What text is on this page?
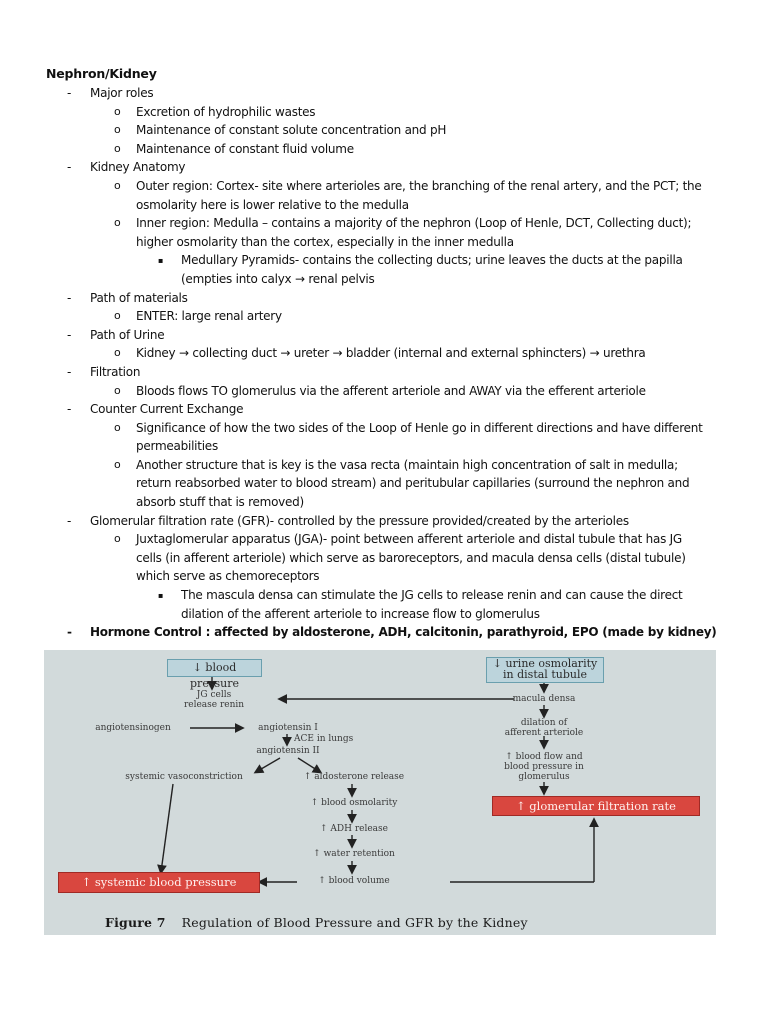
Nephron/Kidney
- Major roles
o Excretion of hydrophilic wastes
o Maintenance of constant solute concentration and pH
o Maintenance of constant fluid volume
- Kidney Anatomy
o Outer region: Cortex- site where arterioles are, the branching of the renal artery, and the PCT; the osmolarity here is lower relative to the medulla
o Inner region: Medulla – contains a majority of the nephron (Loop of Henle, DCT, Collecting duct); higher osmolarity than the cortex, especially in the inner medulla
▪ Medullary Pyramids- contains the collecting ducts; urine leaves the ducts at the papilla (empties into calyx → renal pelvis
- Path of materials
o ENTER: large renal artery
- Path of Urine
o Kidney → collecting duct → ureter → bladder (internal and external sphincters) → urethra
- Filtration
o Bloods flows TO glomerulus via the afferent arteriole and AWAY via the efferent arteriole
- Counter Current Exchange
o Significance of how the two sides of the Loop of Henle go in different directions and have different permeabilities
o Another structure that is key is the vasa recta (maintain high concentration of salt in medulla; return reabsorbed water to blood stream) and peritubular capillaries (surround the nephron and absorb stuff that is removed)
- Glomerular filtration rate (GFR)- controlled by the pressure provided/created by the arterioles
o Juxtaglomerular apparatus (JGA)- point between afferent arteriole and distal tubule that has JG cells (in afferent arteriole) which serve as baroreceptors, and macula densa cells (distal tubule) which serve as chemoreceptors
▪ The mascula densa can stimulate the JG cells to release renin and can cause the direct dilation of the afferent arteriole to increase flow to glomerulus
- Hormone Control : affected by aldosterone, ADH, calcitonin, parathyroid, EPO (made by kidney)
↓ blood pressure
↓ urine osmolarity
in distal tubule
JG cells
release renin
angiotensinogen	angiotensin I
ACE in lungs
angiotensin II
systemic vasoconstriction	↑ aldosterone release
↑ blood osmolarity
↑ ADH release
↑ water retention
↑ blood volume
macula densa
dilation of
afferent arteriole
↑ blood flow and
blood pressure in
glomerulus
↑ glomerular filtration rate
↑ systemic blood pressure
Figure 7 Regulation of Blood Pressure and GFR by the Kidney
